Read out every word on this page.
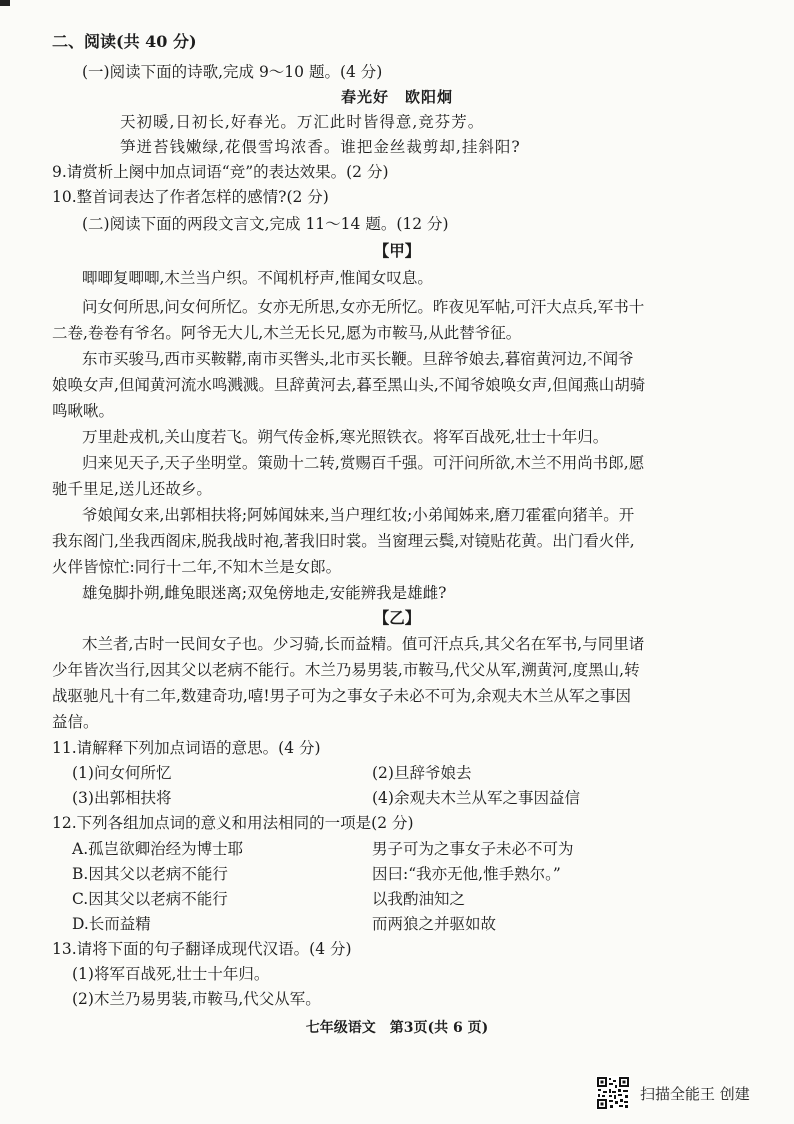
二、阅读(共 40 分)
(一)阅读下面的诗歌,完成 9～10 题。(4 分)
春光好　欧阳炯
天初暖,日初长,好春光。万汇此时皆得意,竞芬芳。
笋迸苔钱嫩绿,花偎雪坞浓香。谁把金丝裁剪却,挂斜阳?
9.请赏析上阕中加点词语“竞”的表达效果。(2 分)
10.整首词表达了作者怎样的感情?(2 分)
(二)阅读下面的两段文言文,完成 11～14 题。(12 分)
【甲】
唧唧复唧唧,木兰当户织。不闻机杼声,惟闻女叹息。
问女何所思,问女何所忆。女亦无所思,女亦无所忆。昨夜见军帖,可汗大点兵,军书十
二卷,卷卷有爷名。阿爷无大儿,木兰无长兄,愿为市鞍马,从此替爷征。
东市买骏马,西市买鞍鞯,南市买辔头,北市买长鞭。旦辞爷娘去,暮宿黄河边,不闻爷
娘唤女声,但闻黄河流水鸣溅溅。旦辞黄河去,暮至黑山头,不闻爷娘唤女声,但闻燕山胡骑
鸣啾啾。
万里赴戎机,关山度若飞。朔气传金柝,寒光照铁衣。将军百战死,壮士十年归。
归来见天子,天子坐明堂。策勋十二转,赏赐百千强。可汗问所欲,木兰不用尚书郎,愿
驰千里足,送儿还故乡。
爷娘闻女来,出郭相扶将;阿姊闻妹来,当户理红妆;小弟闻姊来,磨刀霍霍向猪羊。开
我东阁门,坐我西阁床,脱我战时袍,著我旧时裳。当窗理云鬓,对镜贴花黄。出门看火伴,
火伴皆惊忙:同行十二年,不知木兰是女郎。
雄兔脚扑朔,雌兔眼迷离;双兔傍地走,安能辨我是雄雌?
【乙】
木兰者,古时一民间女子也。少习骑,长而益精。值可汗点兵,其父名在军书,与同里诸
少年皆次当行,因其父以老病不能行。木兰乃易男装,市鞍马,代父从军,溯黄河,度黑山,转
战驱驰凡十有二年,数建奇功,嘻!男子可为之事女子未必不可为,余观夫木兰从军之事因
益信。
11.请解释下列加点词语的意思。(4 分)
(1)问女何所忆	(2)旦辞爷娘去
(3)出郭相扶将	(4)余观夫木兰从军之事因益信
12.下列各组加点词的意义和用法相同的一项是(2 分)
A.孤岂欲卿治经为博士耶	男子可为之事女子未必不可为
B.因其父以老病不能行	因曰:“我亦无他,惟手熟尔。”
C.因其父以老病不能行	以我酌油知之
D.长而益精	而两狼之并驱如故
13.请将下面的句子翻译成现代汉语。(4 分)
(1)将军百战死,壮士十年归。
(2)木兰乃易男装,市鞍马,代父从军。
七年级语文　第3页(共 6 页)
扫描全能王 创建
